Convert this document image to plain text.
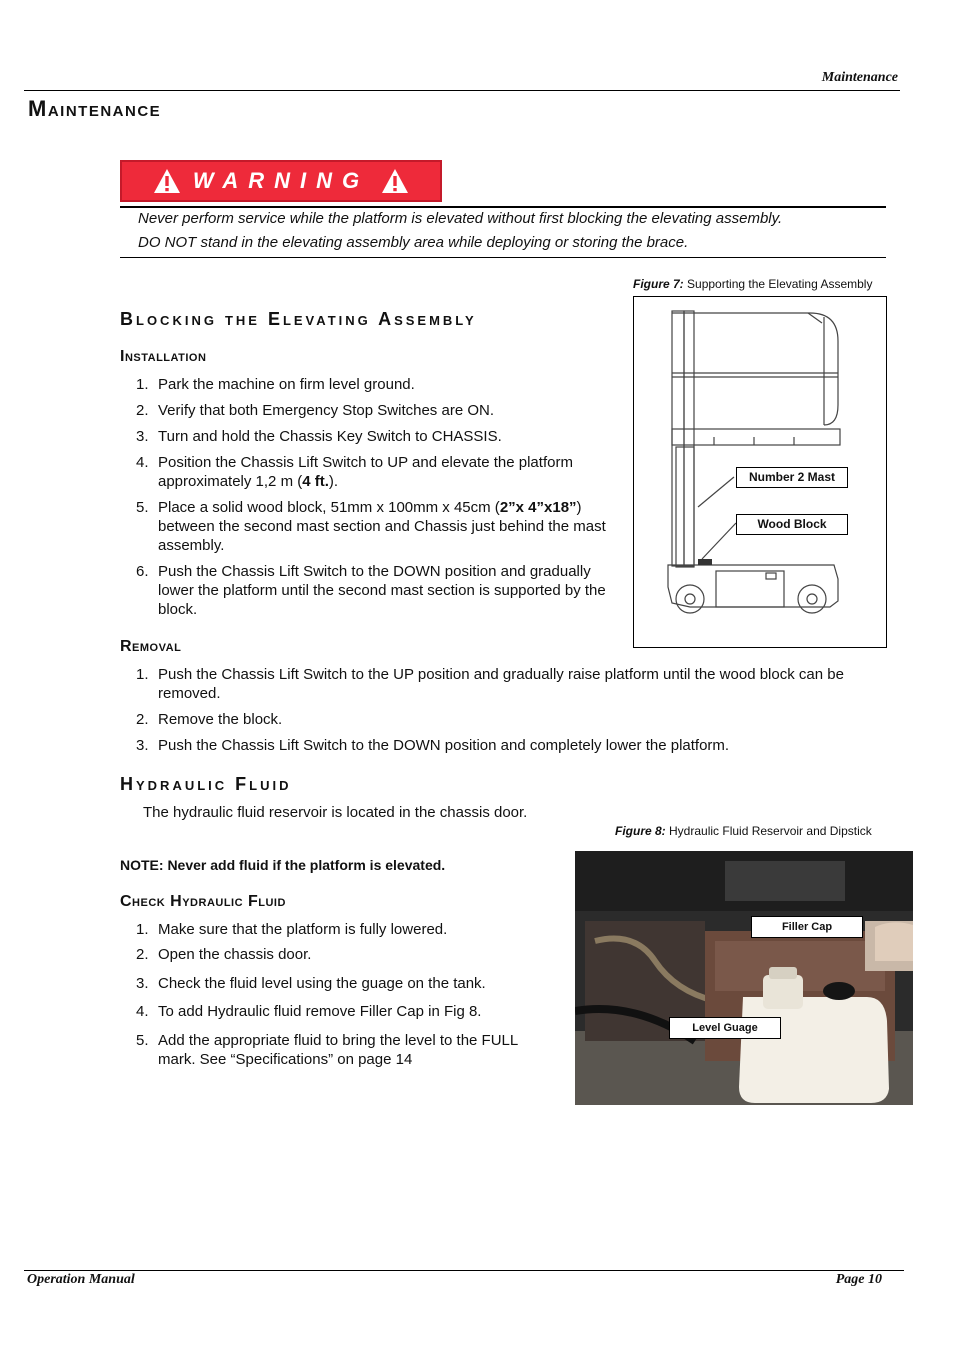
Maintenance
Maintenance
WARNING
Never perform service while the platform is elevated without first blocking the elevating assembly.
DO NOT stand in the elevating assembly area while deploying or storing the brace.
Blocking the Elevating Assembly
Installation
1. Park the machine on firm level ground.
2. Verify that both Emergency Stop Switches are ON.
3. Turn and hold the Chassis Key Switch to CHASSIS.
4. Position the Chassis Lift Switch to UP and elevate the platform approximately 1,2 m (4 ft.).
5. Place a solid wood block, 51mm x 100mm x 45cm (2”x 4”x18”) between the second mast section and Chassis just behind the mast assembly.
6. Push the Chassis Lift Switch to the DOWN position and gradually lower the platform until the second mast section is supported by the block.
Removal
1. Push the Chassis Lift Switch to the UP position and gradually raise platform until the wood block can be removed.
2. Remove the block.
3. Push the Chassis Lift Switch to the DOWN position and completely lower the platform.
Figure 7: Supporting the Elevating Assembly
Number 2 Mast
Wood Block
Hydraulic Fluid
The hydraulic fluid reservoir is located in the chassis door.
NOTE: Never add fluid if the platform is elevated.
Check Hydraulic Fluid
1. Make sure that the platform is fully lowered.
2. Open the chassis door.
3. Check the fluid level using the guage on the tank.
4. To add Hydraulic fluid remove Filler Cap in Fig 8.
5. Add the appropriate fluid to bring the level to the FULL mark. See “Specifications” on page 14
Figure 8: Hydraulic Fluid Reservoir and Dipstick
Filler Cap
Level Guage
Operation Manual	Page 10
